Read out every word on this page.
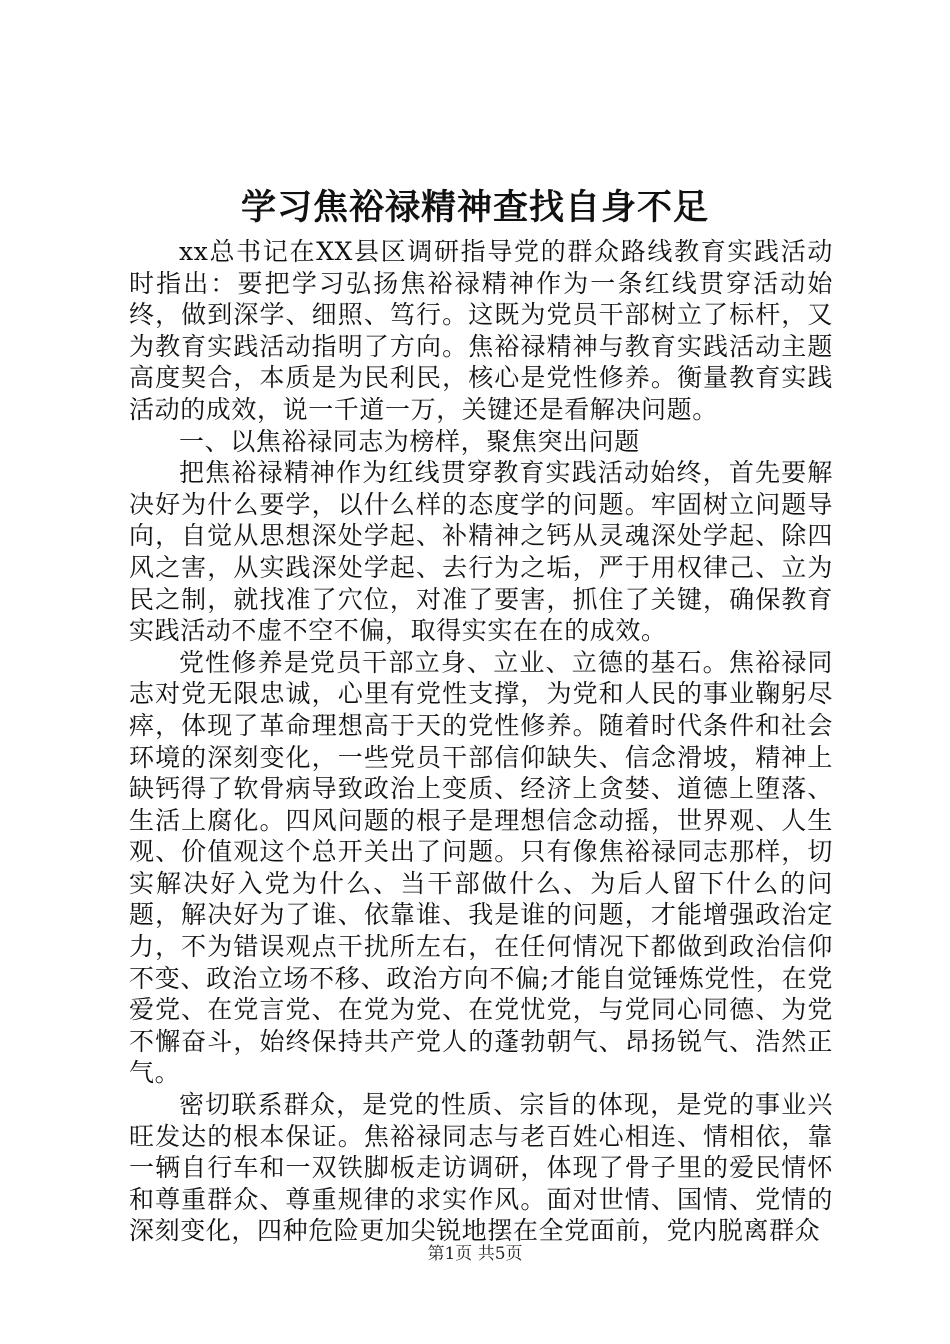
学习焦裕禄精神查找自身不足

xx总书记在XX县区调研指导党的群众路线教育实践活动时指出：要把学习弘扬焦裕禄精神作为一条红线贯穿活动始终，做到深学、细照、笃行。这既为党员干部树立了标杆，又为教育实践活动指明了方向。焦裕禄精神与教育实践活动主题高度契合，本质是为民利民，核心是党性修养。衡量教育实践活动的成效，说一千道一万，关键还是看解决问题。

一、以焦裕禄同志为榜样，聚焦突出问题

把焦裕禄精神作为红线贯穿教育实践活动始终，首先要解决好为什么要学，以什么样的态度学的问题。牢固树立问题导向，自觉从思想深处学起、补精神之钙从灵魂深处学起、除四风之害，从实践深处学起、去行为之垢，严于用权律己、立为民之制，就找准了穴位，对准了要害，抓住了关键，确保教育实践活动不虚不空不偏，取得实实在在的成效。

党性修养是党员干部立身、立业、立德的基石。焦裕禄同志对党无限忠诚，心里有党性支撑，为党和人民的事业鞠躬尽瘁，体现了革命理想高于天的党性修养。随着时代条件和社会环境的深刻变化，一些党员干部信仰缺失、信念滑坡，精神上缺钙得了软骨病导致政治上变质、经济上贪婪、道德上堕落、生活上腐化。四风问题的根子是理想信念动摇，世界观、人生观、价值观这个总开关出了问题。只有像焦裕禄同志那样，切实解决好入党为什么、当干部做什么、为后人留下什么的问题，解决好为了谁、依靠谁、我是谁的问题，才能增强政治定力，不为错误观点干扰所左右，在任何情况下都做到政治信仰不变、政治立场不移、政治方向不偏;才能自觉锤炼党性，在党爱党、在党言党、在党为党、在党忧党，与党同心同德、为党不懈奋斗，始终保持共产党人的蓬勃朝气、昂扬锐气、浩然正气。

密切联系群众，是党的性质、宗旨的体现，是党的事业兴旺发达的根本保证。焦裕禄同志与老百姓心相连、情相依，靠一辆自行车和一双铁脚板走访调研，体现了骨子里的爱民情怀和尊重群众、尊重规律的求实作风。面对世情、国情、党情的深刻变化，四种危险更加尖锐地摆在全党面前，党内脱离群众

第1页 共5页
